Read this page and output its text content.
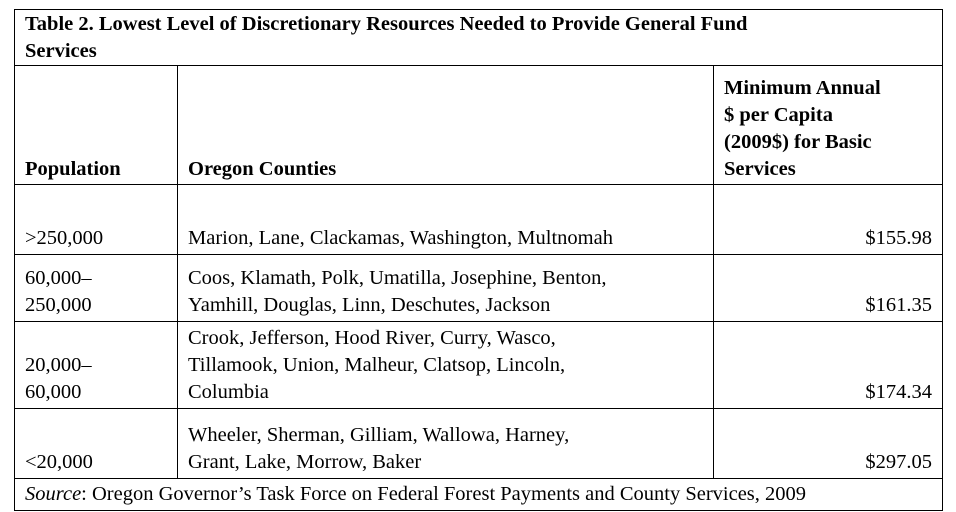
Table 2. Lowest Level of Discretionary Resources Needed to Provide General Fund
Services		

Population	Oregon Counties	Minimum Annual
$ per Capita
(2009$) for Basic
Services

>250,000	Marion, Lane, Clackamas, Washington, Multnomah	$155.98

60,000–
250,000	Coos, Klamath, Polk, Umatilla, Josephine, Benton,
Yamhill, Douglas, Linn, Deschutes, Jackson	$161.35

20,000–
60,000	Crook, Jefferson, Hood River, Curry, Wasco,
Tillamook, Union, Malheur, Clatsop, Lincoln,
Columbia	$174.34

<20,000	Wheeler, Sherman, Gilliam, Wallowa, Harney,
Grant, Lake, Morrow, Baker	$297.05
Source: Oregon Governor’s Task Force on Federal Forest Payments and County Services, 2009		
